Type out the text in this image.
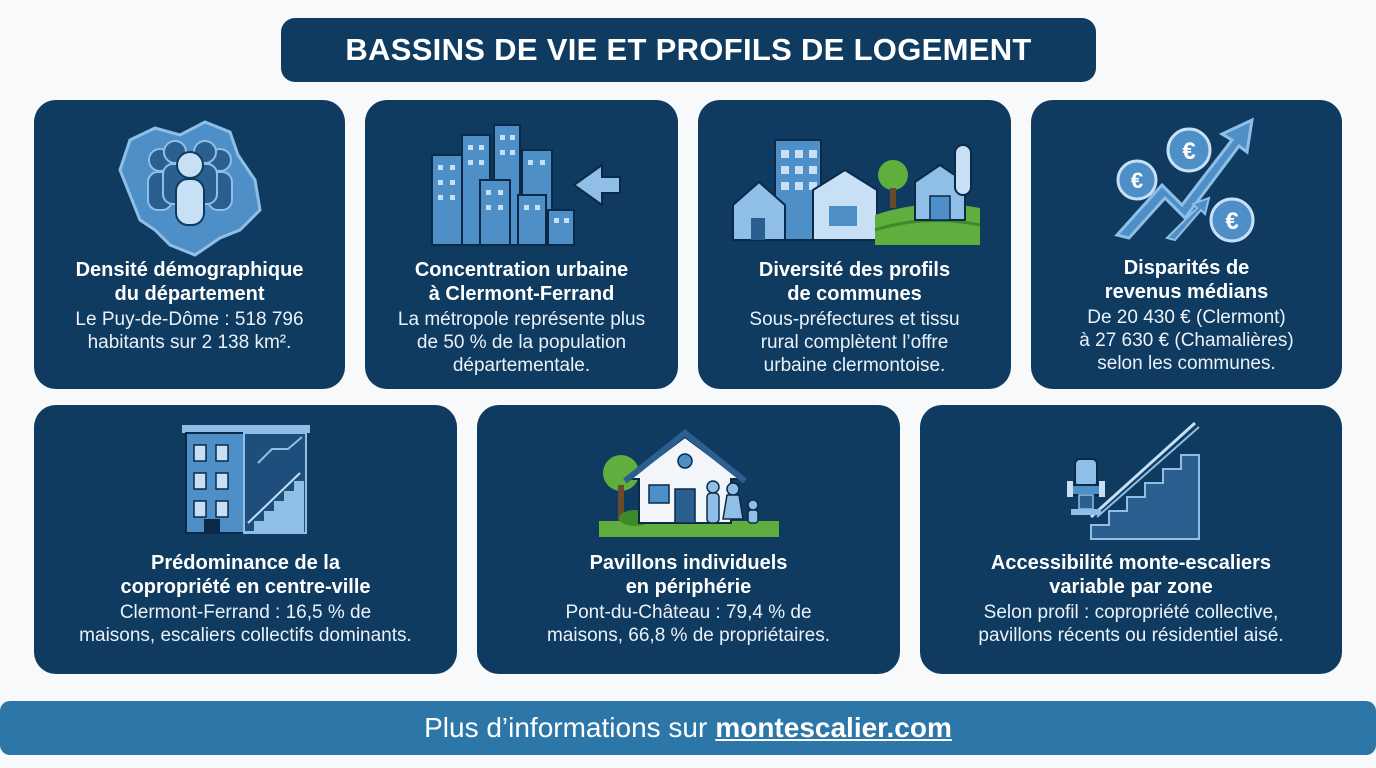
BASSINS DE VIE ET PROFILS DE LOGEMENT
Densité démographique
du département

Le Puy-de-Dôme : 518 796
habitants sur 2 138 km².

Concentration urbaine
à Clermont-Ferrand

La métropole représente plus
de 50 % de la population
départementale.

Diversité des profils
de communes

Sous-préfectures et tissu
rural complètent l’offre
urbaine clermontoise.

€
€
€
Disparités de
revenus médians

De 20 430 € (Clermont)
à 27 630 € (Chamalières)
selon les communes.

Prédominance de la
copropriété en centre-ville

Clermont-Ferrand : 16,5 % de
maisons, escaliers collectifs dominants.

Pavillons individuels
en périphérie

Pont-du-Château : 79,4 % de
maisons, 66,8 % de propriétaires.

Accessibilité monte-escaliers
variable par zone

Selon profil : copropriété collective,
pavillons récents ou résidentiel aisé.

Plus d’informations sur montescalier.com
